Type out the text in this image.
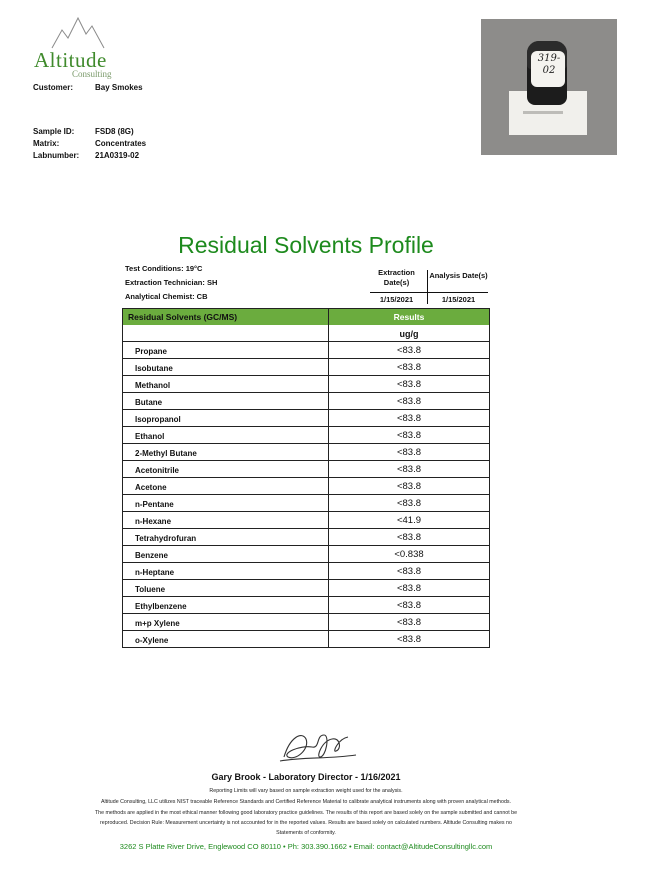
Altitude
Consulting
Customer:	Bay Smokes
Sample ID:	FSD8 (8G)
Matrix:	Concentrates
Labnumber: 21A0319-02
319-02
Residual Solvents Profile
Test Conditions: 19°C
Extraction Technician: SH
Analytical Chemist: CB
Extraction Date(s)
Analysis Date(s)
1/15/2021	1/15/2021
Residual Solvents (GC/MS)	Results
ug/g
Propane	<83.8
Isobutane	<83.8
Methanol	<83.8
Butane	<83.8
Isopropanol	<83.8
Ethanol	<83.8
2-Methyl Butane	<83.8
Acetonitrile	<83.8
Acetone	<83.8
n-Pentane	<83.8
n-Hexane	<41.9
Tetrahydrofuran	<83.8
Benzene	<0.838
n-Heptane	<83.8
Toluene	<83.8
Ethylbenzene	<83.8
m+p Xylene	<83.8
o-Xylene	<83.8
Gary Brook - Laboratory Director - 1/16/2021
Reporting Limits will vary based on sample extraction weight used for the analysis.
Altitude Consulting, LLC utilizes NIST traceable Reference Standards and Certified Reference Material to calibrate analytical instruments along with proven analytical methods.
The methods are applied in the most ethical manner following good laboratory practice guidelines. The results of this report are based solely on the sample submitted and cannot be
reproduced. Decision Rule: Measurement uncertainty is not accounted for in the reported values. Results are based solely on calculated numbers. Altitude Consulting makes no
Statements of conformity.
3262 S Platte River Drive, Englewood CO 80110 • Ph: 303.390.1662 • Email: contact@AltitudeConsultingllc.com
